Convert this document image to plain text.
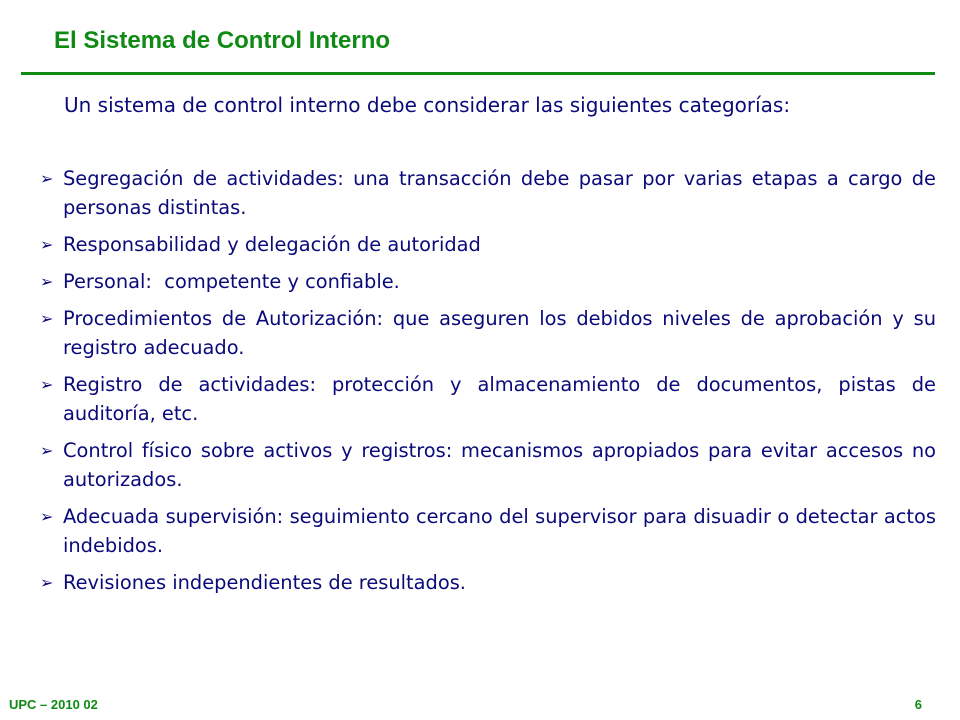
El Sistema de Control Interno
Un sistema de control interno debe considerar las siguientes categorías:
➢ Segregación de actividades: una transacción debe pasar por varias etapas a cargo de personas distintas.
➢ Responsabilidad y delegación de autoridad
➢ Personal:  competente y confiable.
➢ Procedimientos de Autorización: que aseguren los debidos niveles de aprobación y su registro adecuado.
➢ Registro de actividades: protección y almacenamiento de documentos, pistas de auditoría, etc.
➢ Control físico sobre activos y registros: mecanismos apropiados para evitar accesos no autorizados.
➢ Adecuada supervisión: seguimiento cercano del supervisor para disuadir o detectar actos indebidos.
➢ Revisiones independientes de resultados.
UPC – 2010 02	6
